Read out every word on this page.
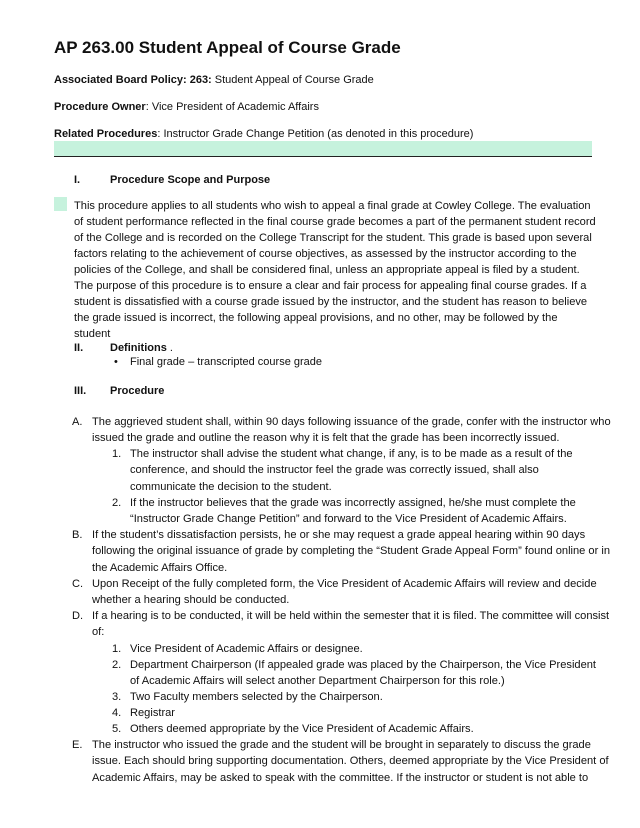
AP 263.00 Student Appeal of Course Grade
Associated Board Policy: 263: Student Appeal of Course Grade
Procedure Owner: Vice President of Academic Affairs
Related Procedures: Instructor Grade Change Petition (as denoted in this procedure)
I.	Procedure Scope and Purpose
This procedure applies to all students who wish to appeal a final grade at Cowley College. The evaluation of student performance reflected in the final course grade becomes a part of the permanent student record of the College and is recorded on the College Transcript for the student. This grade is based upon several factors relating to the achievement of course objectives, as assessed by the instructor according to the policies of the College, and shall be considered final, unless an appropriate appeal is filed by a student.
The purpose of this procedure is to ensure a clear and fair process for appealing final course grades. If a student is dissatisfied with a course grade issued by the instructor, and the student has reason to believe the grade issued is incorrect, the following appeal provisions, and no other, may be followed by the student
II. Definitions .
• Final grade – transcripted course grade
III. Procedure
A. The aggrieved student shall, within 90 days following issuance of the grade, confer with the instructor who issued the grade and outline the reason why it is felt that the grade has been incorrectly issued.
1. The instructor shall advise the student what change, if any, is to be made as a result of the conference, and should the instructor feel the grade was correctly issued, shall also communicate the decision to the student.
2. If the instructor believes that the grade was incorrectly assigned, he/she must complete the “Instructor Grade Change Petition” and forward to the Vice President of Academic Affairs.
B. If the student’s dissatisfaction persists, he or she may request a grade appeal hearing within 90 days following the original issuance of grade by completing the “Student Grade Appeal Form” found online or in the Academic Affairs Office.
C. Upon Receipt of the fully completed form, the Vice President of Academic Affairs will review and decide whether a hearing should be conducted.
D. If a hearing is to be conducted, it will be held within the semester that it is filed. The committee will consist of:
1. Vice President of Academic Affairs or designee.
2. Department Chairperson (If appealed grade was placed by the Chairperson, the Vice President of Academic Affairs will select another Department Chairperson for this role.)
3. Two Faculty members selected by the Chairperson.
4. Registrar
5. Others deemed appropriate by the Vice President of Academic Affairs.
E. The instructor who issued the grade and the student will be brought in separately to discuss the grade issue. Each should bring supporting documentation. Others, deemed appropriate by the Vice President of Academic Affairs, may be asked to speak with the committee. If the instructor or student is not able to
